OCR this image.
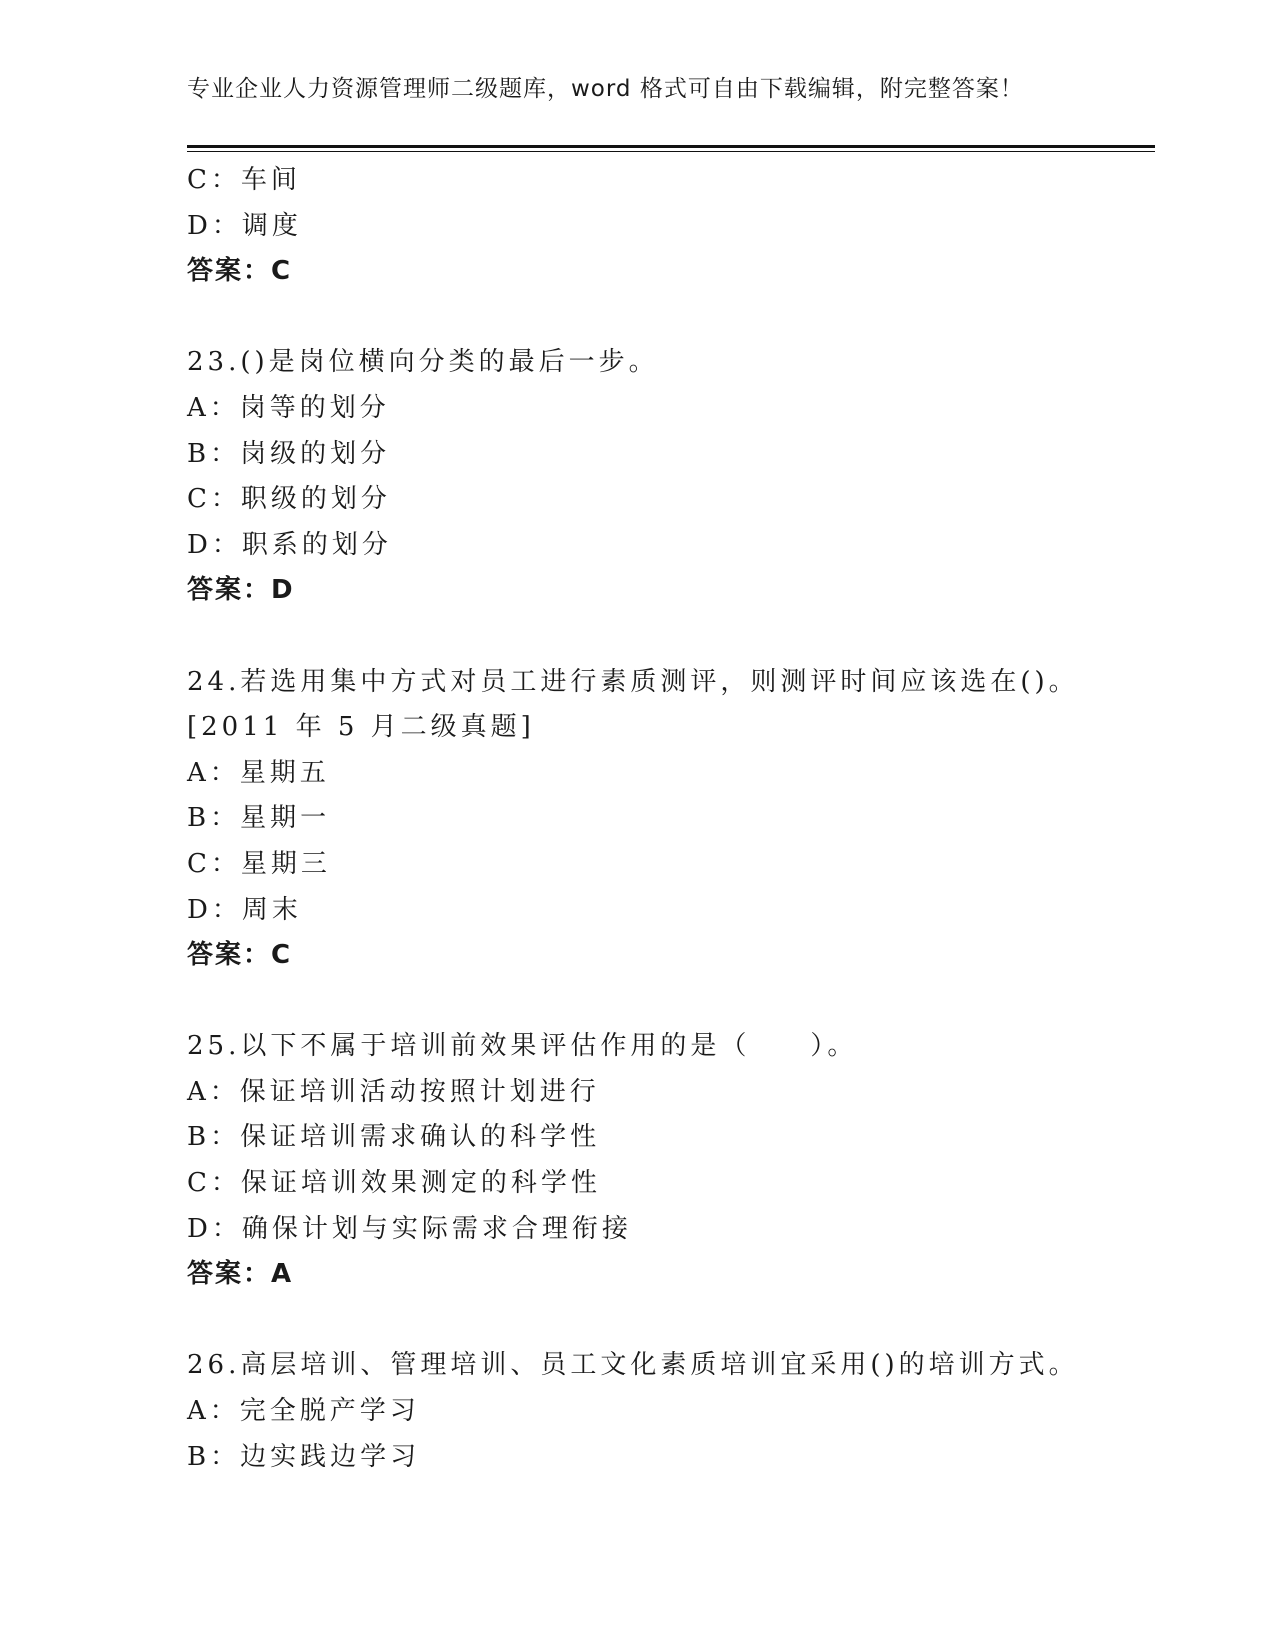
专业企业人力资源管理师二级题库，word 格式可自由下载编辑，附完整答案！
C：车间
D：调度
答案：C
23.()是岗位横向分类的最后一步。
A：岗等的划分
B：岗级的划分
C：职级的划分
D：职系的划分
答案：D
24.若选用集中方式对员工进行素质测评，则测评时间应该选在()。
[2011 年 5 月二级真题]
A：星期五
B：星期一
C：星期三
D：周末
答案：C
25.以下不属于培训前效果评估作用的是（　　）。
A：保证培训活动按照计划进行
B：保证培训需求确认的科学性
C：保证培训效果测定的科学性
D：确保计划与实际需求合理衔接
答案：A
26.高层培训、管理培训、员工文化素质培训宜采用()的培训方式。
A：完全脱产学习
B：边实践边学习
